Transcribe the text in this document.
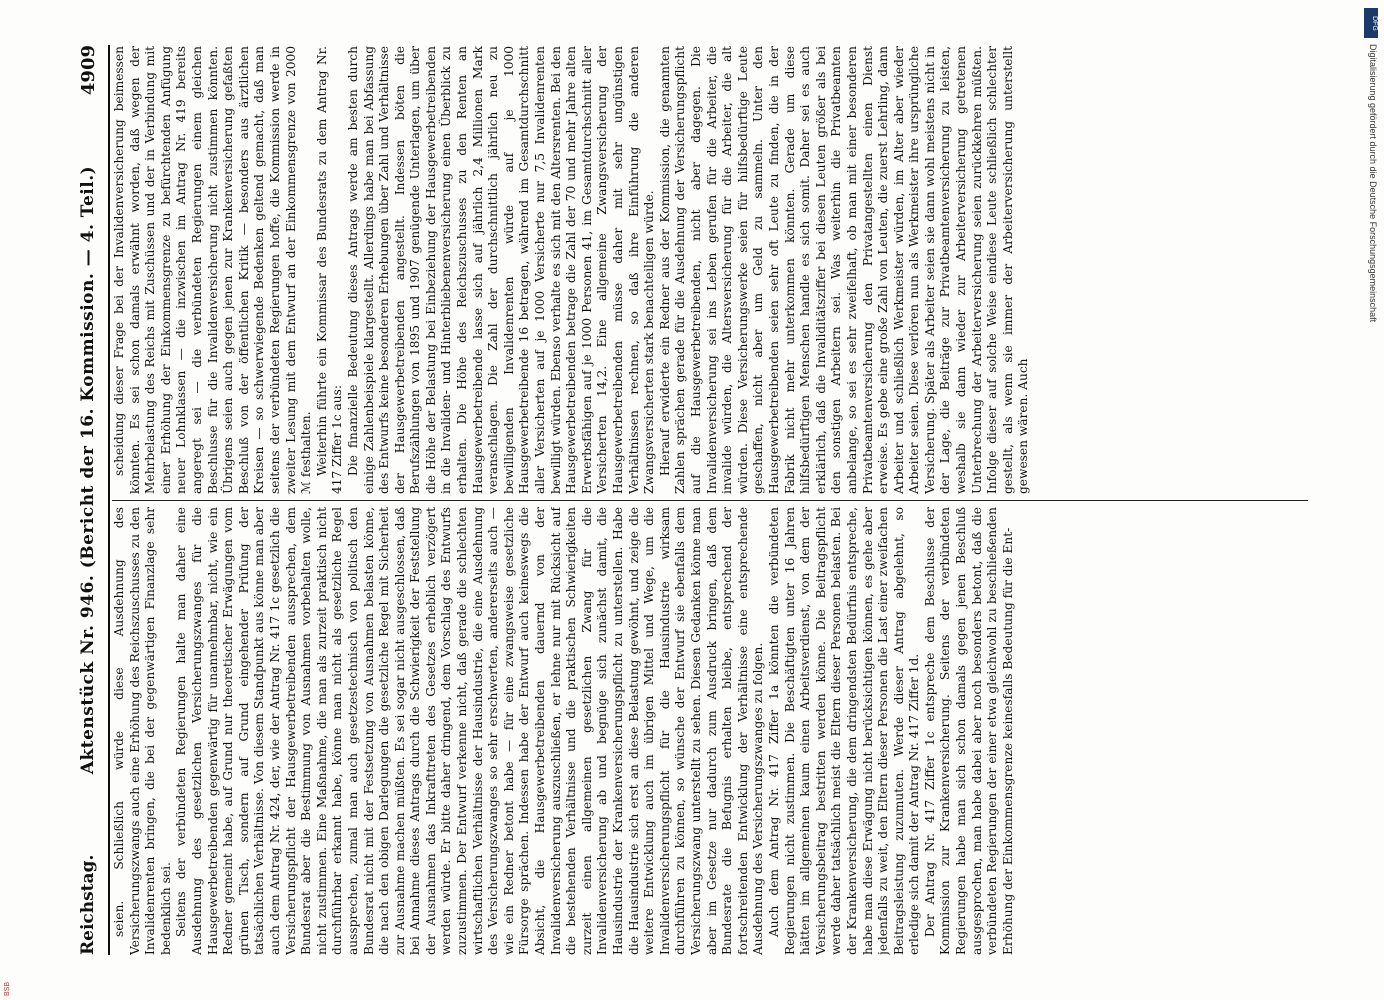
Reichstag.
Aktenstück Nr. 946. (Bericht der 16. Kommission. — 4. Teil.)
4909

seien. Schließlich würde diese Ausdehnung des Versicherungszwangs auch eine Erhöhung des Reichszuschusses zu den Invalidenrenten bringen, die bei der gegenwärtigen Finanzlage sehr bedenklich sei. Seitens der verbündeten Regierungen halte man daher eine Ausdehnung des gesetzlichen Versicherungszwanges für die Hausgewerbetreibenden gegenwärtig für unannehmbar, nicht, wie ein Redner gemeint habe, auf Grund nur theoretischer Erwägungen vom grünen Tisch, sondern auf Grund eingehender Prüfung der tatsächlichen Verhältnisse. Von diesem Standpunkt aus könne man aber auch dem Antrag Nr. 424, der, wie der Antrag Nr. 417 1c gesetzlich die Versicherungspflicht der Hausgewerbetreibenden aussprechen, dem Bundesrat aber die Bestimmung von Ausnahmen vorbehalten wolle, nicht zustimmen. Eine Maßnahme, die man als zurzeit praktisch nicht durchführbar erkannt habe, könne man nicht als gesetzliche Regel aussprechen, zumal man auch gesetzestechnisch von politisch den Bundesrat nicht mit der Festsetzung von Ausnahmen belasten könne, die nach den obigen Darlegungen die gesetzliche Regel mit Sicherheit zur Ausnahme machen müßten. Es sei sogar nicht ausgeschlossen, daß bei Annahme dieses Antrags durch die Schwierigkeit der Feststellung der Ausnahmen das Inkrafttreten des Gesetzes erheblich verzögert werden würde. Er bitte daher dringend, dem Vorschlag des Entwurfs zuzustimmen. Der Entwurf verkenne nicht, daß gerade die schlechten wirtschaftlichen Verhältnisse der Hausindustrie, die eine Ausdehnung des Versicherungszwanges so sehr erschwerten, andererseits auch — wie ein Redner betont habe — für eine zwangsweise gesetzliche Fürsorge sprächen. Indessen habe der Entwurf auch keineswegs die Absicht, die Hausgewerbetreibenden dauernd von der Invalidenversicherung auszuschließen, er lehne nur mit Rücksicht auf die bestehenden Verhältnisse und die praktischen Schwierigkeiten zurzeit einen allgemeinen gesetzlichen Zwang für die Invalidenversicherung ab und begnüge sich zunächst damit, die Hausindustrie der Krankenversicherungspflicht zu unterstellen. Habe die Hausindustrie sich erst an diese Belastung gewöhnt, und zeige die weitere Entwicklung auch im übrigen Mittel und Wege, um die Invalidenversicherungspflicht für die Hausindustrie wirksam durchführen zu können, so wünsche der Entwurf sie ebenfalls dem Versicherungszwang unterstellt zu sehen. Diesen Gedanken könne man aber im Gesetze nur dadurch zum Ausdruck bringen, daß dem Bundesrate die Befugnis erhalten bleibe, entsprechend der fortschreitenden Entwicklung der Verhältnisse eine entsprechende Ausdehnung des Versicherungszwanges zu folgen. Auch dem Antrag Nr. 417 Ziffer 1a könnten die verbündeten Regierungen nicht zustimmen. Die Beschäftigten unter 16 Jahren hätten im allgemeinen kaum einen Arbeitsverdienst, von dem der Versicherungsbeitrag bestritten werden könne. Die Beitragspflicht werde daher tatsächlich meist die Eltern dieser Personen belasten. Bei der Krankenversicherung, die dem dringendsten Bedürfnis entspreche, habe man diese Erwägung nicht berücksichtigen können, es gehe aber jedenfalls zu weit, den Eltern dieser Personen die Last einer zweifachen Beitragsleistung zuzumuten. Werde dieser Antrag abgelehnt, so erledige sich damit der Antrag Nr. 417 Ziffer 1d. Der Antrag Nr. 417 Ziffer 1c entspreche dem Beschlusse der Kommission zur Krankenversicherung. Seitens der verbündeten Regierungen habe man sich schon damals gegen jenen Beschluß ausgesprochen, man habe dabei aber noch besonders betont, daß die verbündeten Regierungen der einer etwa gleichwohl zu beschließenden Erhöhung der Einkommensgrenze keinesfalls Bedeutung für die Ent-

scheidung dieser Frage bei der Invalidenversicherung beimessen könnten. Es sei schon damals erwähnt worden, daß wegen der Mehrbelastung des Reichs mit Zuschüssen und der in Verbindung mit einer Erhöhung der Einkommensgrenze zu befürchtenden Anfügung neuer Lohnklassen — die inzwischen im Antrag Nr. 419 bereits angeregt sei — die verbündeten Regierungen einem gleichen Beschlusse für die Invalidenversicherung nicht zustimmen könnten. Übrigens seien auch gegen jenen zur Krankenversicherung gefaßten Beschluß von der öffentlichen Kritik — besonders aus ärztlichen Kreisen — so schwerwiegende Bedenken geltend gemacht, daß man seitens der verbündeten Regierungen hoffe, die Kommission werde in zweiter Lesung mit dem Entwurf an der Einkommensgrenze von 2000 ℳ festhalten. Weiterhin führte ein Kommissar des Bundesrats zu dem Antrag Nr. 417 Ziffer 1c aus: Die finanzielle Bedeutung dieses Antrags werde am besten durch einige Zahlenbeispiele klargestellt. Allerdings habe man bei Abfassung des Entwurfs keine besonderen Erhebungen über Zahl und Verhältnisse der Hausgewerbetreibenden angestellt. Indessen böten die Berufszählungen von 1895 und 1907 genügende Unterlagen, um über die Höhe der Belastung bei Einbeziehung der Hausgewerbetreibenden in die Invaliden- und Hinterbliebenenversicherung einen Überblick zu erhalten. Die Höhe des Reichszuschusses zu den Renten an Hausgewerbetreibende lasse sich auf jährlich 2,4 Millionen Mark veranschlagen. Die Zahl der durchschnittlich jährlich neu zu bewilligenden Invalidenrenten würde auf je 1000 Hausgewerbetreibende 16 betragen, während im Gesamtdurchschnitt aller Versicherten auf je 1000 Versicherte nur 7,5 Invalidenrenten bewilligt würden. Ebenso verhalte es sich mit den Altersrenten. Bei den Hausgewerbetreibenden betrage die Zahl der 70 und mehr Jahre alten Erwerbsfähigen auf je 1000 Personen 41, im Gesamtdurchschnitt aller Versicherten 14,2. Eine allgemeine Zwangsversicherung der Hausgewerbetreibenden müsse daher mit sehr ungünstigen Verhältnissen rechnen, so daß ihre Einführung die anderen Zwangsversicherten stark benachteiligen würde. Hierauf erwiderte ein Redner aus der Kommission, die genannten Zahlen sprächen gerade für die Ausdehnung der Versicherungspflicht auf die Hausgewerbetreibenden, nicht aber dagegen. Die Invalidenversicherung sei ins Leben gerufen für die Arbeiter, die invalide würden, die Altersversicherung für die Arbeiter, die alt würden. Diese Versicherungswerke seien für hilfsbedürftige Leute geschaffen, nicht aber um Geld zu sammeln. Unter den Hausgewerbetreibenden seien sehr oft Leute zu finden, die in der Fabrik nicht mehr unterkommen könnten. Gerade um diese hilfsbedürftigen Menschen handle es sich somit. Daher sei es auch erklärlich, daß die Invaliditätsziffer bei diesen Leuten größer als bei den sonstigen Arbeitern sei. Was weiterhin die Privatbeamten anbelange, so sei es sehr zweifelhaft, ob man mit einer besonderen Privatbeamtenversicherung den Privatangestellten einen Dienst erweise. Es gebe eine große Zahl von Leuten, die zuerst Lehrling, dann Arbeiter und schließlich Werkmeister würden, im Alter aber wieder Arbeiter seien. Diese verlören nun als Werkmeister ihre ursprüngliche Versicherung. Später als Arbeiter seien sie dann wohl meistens nicht in der Lage, die Beiträge zur Privatbeamtenversicherung zu leisten, weshalb sie dann wieder zur Arbeiterversicherung getretenen Unterbrechung der Arbeiterversicherung seien zurückkehren müßten. Infolge dieser auf solche Weise eindiese Leute schließlich schlechter gestellt, als wenn sie immer der Arbeiterversicherung unterstellt gewesen wären. Auch

DFG
Digitalisierung gefördert durch die Deutsche Forschungsgemeinschaft
BSB
